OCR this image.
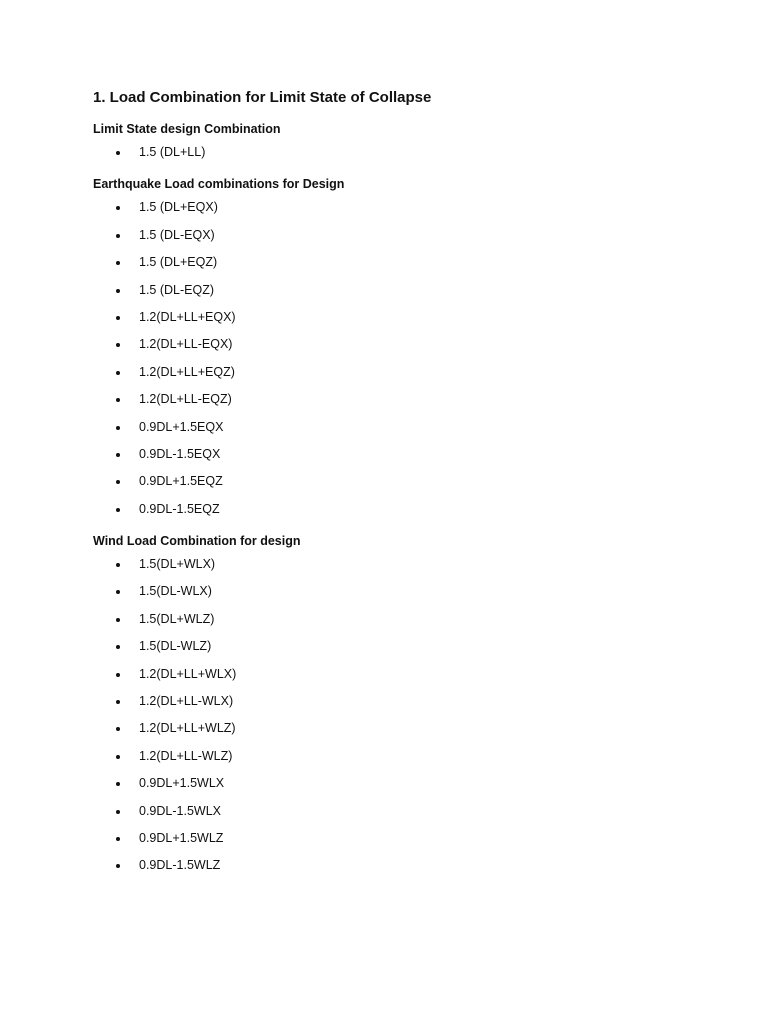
1. Load Combination for Limit State of Collapse
Limit State design Combination
1.5 (DL+LL)
Earthquake Load combinations for Design
1.5 (DL+EQX)
1.5 (DL-EQX)
1.5 (DL+EQZ)
1.5 (DL-EQZ)
1.2(DL+LL+EQX)
1.2(DL+LL-EQX)
1.2(DL+LL+EQZ)
1.2(DL+LL-EQZ)
0.9DL+1.5EQX
0.9DL-1.5EQX
0.9DL+1.5EQZ
0.9DL-1.5EQZ
Wind Load Combination for design
1.5(DL+WLX)
1.5(DL-WLX)
1.5(DL+WLZ)
1.5(DL-WLZ)
1.2(DL+LL+WLX)
1.2(DL+LL-WLX)
1.2(DL+LL+WLZ)
1.2(DL+LL-WLZ)
0.9DL+1.5WLX
0.9DL-1.5WLX
0.9DL+1.5WLZ
0.9DL-1.5WLZ
